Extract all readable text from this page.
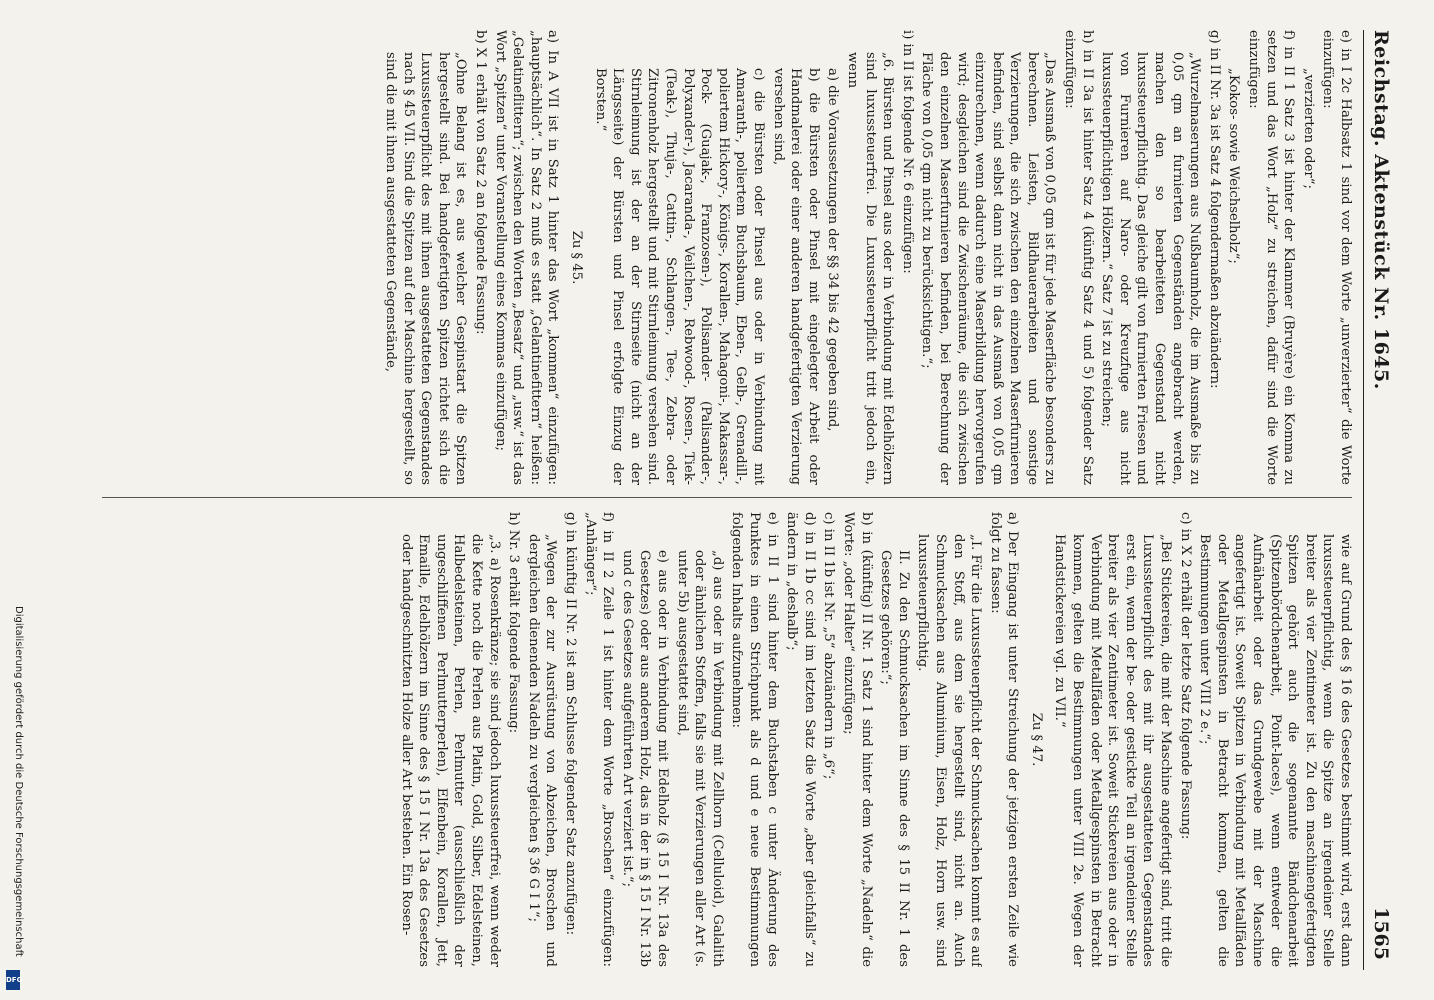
Reichstag. Aktenstück Nr. 1645.
1565

e) in I 2c Halbsatz 1 sind vor dem Worte „unverzierter“ die Worte einzufügen:

„verzierten oder“;

f) in II 1 Satz 3 ist hinter der Klammer (Bruyère) ein Komma zu setzen und das Wort „Holz“ zu streichen, dafür sind die Worte einzufügen:

„Kokos- sowie Weichselholz“;

g) in II Nr. 3a ist Satz 4 folgendermaßen abzuändern:

„Wurzelmaserungen aus Nußbaumholz, die im Ausmaße bis zu 0,05 qm an furnierten Gegenständen angebracht werden, machen den so bearbeiteten Gegenstand nicht luxussteuerpflichtig. Das gleiche gilt von furnierten Friesen und von Furnieren auf Naro- oder Kreuzfuge aus nicht luxussteuerpflichtigen Hölzern.“ Satz 7 ist zu streichen;

h) in II 3a ist hinter Satz 4 (künftig Satz 4 und 5) folgender Satz einzufügen:

„Das Ausmaß von 0,05 qm ist für jede Maserfläche besonders zu berechnen. Leisten, Bildhauerarbeiten und sonstige Verzierungen, die sich zwischen den einzelnen Maserfurnieren befinden, sind selbst dann nicht in das Ausmaß von 0,05 qm einzurechnen, wenn dadurch eine Maserbildung hervorgerufen wird; desgleichen sind die Zwischenräume, die sich zwischen den einzelnen Maserfurnieren befinden, bei Berechnung der Fläche von 0,05 qm nicht zu berücksichtigen.“;

i) in II ist folgende Nr. 6 einzufügen:

„6. Bürsten und Pinsel aus oder in Verbindung mit Edelhölzern sind luxussteuerfrei. Die Luxussteuerpflicht tritt jedoch ein, wenn

a) die Voraussetzungen der §§ 34 bis 42 gegeben sind,

b) die Bürsten oder Pinsel mit eingelegter Arbeit oder Handmalerei oder einer anderen handgefertigten Verzierung versehen sind,

c) die Bürsten oder Pinsel aus oder in Verbindung mit Amaranth-, poliertem Buchsbaum, Eben-, Gelb-, Grenadill-, poliertem Hickory-, Königs-, Korallen-, Mahagoni-, Makassar-, Pock- (Guajak-, Franzosen-), Polisander- (Palisander-, Polyxander-), Jacaranda-, Veilchen-, Rebwood-, Rosen-, Tiek- (Teak-), Thuja-, Cattin-, Schlangen-, Tee-, Zebra- oder Zitronenholz hergestellt und mit Stirnleimung versehen sind. Stirnleimung ist der an der Stirnseite (nicht an der Längsseite) der Bürsten und Pinsel erfolgte Einzug der Borsten.“

Zu § 45.

a) In A VII ist in Satz 1 hinter das Wort „kommen“ einzufügen: „hauptsächlich“. In Satz 2 muß es statt „Gelantinefittern“ heißen: „Gelatineflittern“; zwischen den Worten „Besatz“ und „usw.“ ist das Wort „Spitzen“ unter Voranstellung eines Kommas einzufügen;

b) X 1 erhält von Satz 2 an folgende Fassung:

„Ohne Belang ist es, aus welcher Gespinstart die Spitzen hergestellt sind. Bei handgefertigten Spitzen richtet sich die Luxussteuerpflicht des mit ihnen ausgestatteten Gegenstandes nach § 45 VII. Sind die Spitzen auf der Maschine hergestellt, so sind die mit ihnen ausgestatteten Gegenstände,

wie auf Grund des § 16 des Gesetzes bestimmt wird, erst dann luxussteuerpflichtig, wenn die Spitze an irgendeiner Stelle breiter als vier Zentimeter ist. Zu den maschinengefertigten Spitzen gehört auch die sogenannte Bändchenarbeit (Spitzenbördchenarbeit, Point-laces), wenn entweder die Aufnäharbeit oder das Grundgewebe mit der Maschine angefertigt ist. Soweit Spitzen in Verbindung mit Metallfäden oder Metallgespinsten in Betracht kommen, gelten die Bestimmungen unter VIII 2 e.“;

c) in X 2 erhält der letzte Satz folgende Fassung:

„Bei Stickereien, die mit der Maschine angefertigt sind, tritt die Luxussteuerpflicht des mit ihr ausgestatteten Gegenstandes erst ein, wenn der be- oder gestickte Teil an irgendeiner Stelle breiter als vier Zentimeter ist. Soweit Stickereien aus oder in Verbindung mit Metallfäden oder Metallgespinsten in Betracht kommen, gelten die Bestimmungen unter VIII 2e. Wegen der Handstickereien vgl. zu VII.“

Zu § 47.

a) Der Eingang ist unter Streichung der jetzigen ersten Zeile wie folgt zu fassen:

„I. Für die Luxussteuerpflicht der Schmucksachen kommt es auf den Stoff, aus dem sie hergestellt sind, nicht an. Auch Schmucksachen aus Aluminium, Eisen, Holz, Horn usw. sind luxussteuerpflichtig.

II. Zu den Schmucksachen im Sinne des § 15 II Nr. 1 des Gesetzes gehören:“;

b) in (künftig) II Nr. 1 Satz 1 sind hinter dem Worte „Nadeln“ die Worte: „oder Halter“ einzufügen;

c) in II 1b ist Nr. „5“ abzuändern in „6“;

d) in II 1b cc sind im letzten Satz die Worte „aber gleichfalls“ zu ändern in „deshalb“;

e) in II 1 sind hinter dem Buchstaben c unter Änderung des Punktes in einen Strichpunkt als d und e neue Bestimmungen folgenden Inhalts aufzunehmen:

„d) aus oder in Verbindung mit Zellhorn (Celluloid), Galalith oder ähnlichen Stoffen, falls sie mit Verzierungen aller Art (s. unter 5b) ausgestattet sind,

e) aus oder in Verbindung mit Edelholz (§ 15 I Nr. 13a des Gesetzes) oder aus anderem Holz, das in der in § 15 I Nr. 13b und c des Gesetzes aufgeführten Art verziert ist.“;

f) in II 2 Zeile 1 ist hinter dem Worte „Broschen“ einzufügen: „Anhänger“;

g) in künftig II Nr. 2 ist am Schlusse folgender Satz anzufügen:

„Wegen der zur Ausrüstung von Abzeichen, Broschen und dergleichen dienenden Nadeln zu vergleichen § 36 G I 1“;

h) Nr. 3 erhält folgende Fassung:

„3. a) Rosenkränze; sie sind jedoch luxussteuerfrei, wenn weder die Kette noch die Perlen aus Platin, Gold, Silber, Edelsteinen, Halbedelsteinen, Perlen, Perlmutter (ausschließlich der ungeschliffenen Perlmutterperlen), Elfenbein, Korallen, Jett, Emaille, Edelhölzern im Sinne des § 15 I Nr. 13a des Gesetzes oder handgeschnitzten Holze aller Art bestehen. Ein Rosen-

Digitalisierung gefördert durch die Deutsche Forschungsgemeinschaft
DFG
